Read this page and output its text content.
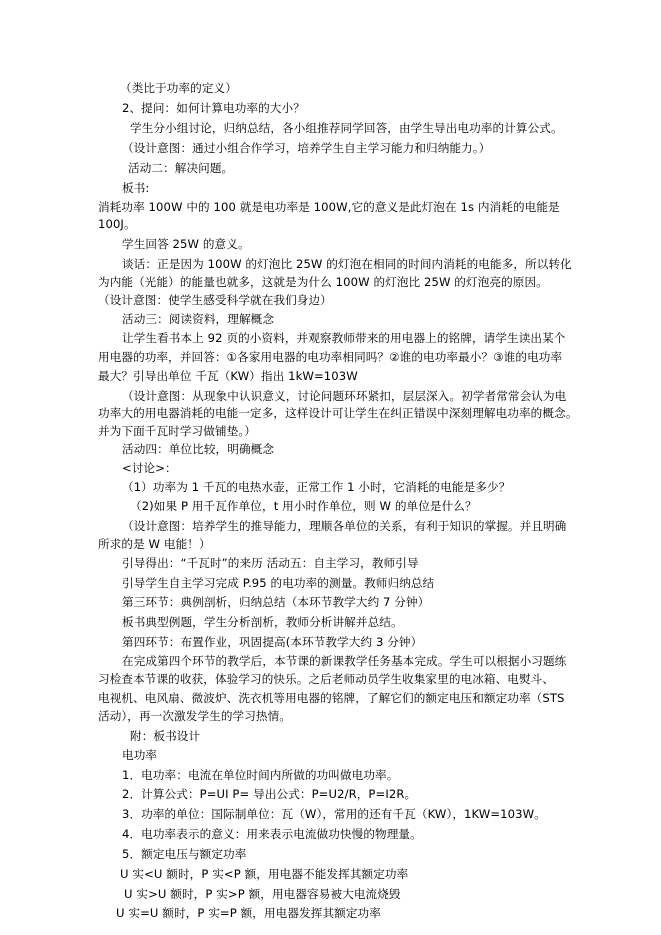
（类比于功率的定义）
2、提问：如何计算电功率的大小？
学生分小组讨论，归纳总结，各小组推荐同学回答，由学生导出电功率的计算公式。
（设计意图：通过小组合作学习，培养学生自主学习能力和归纳能力。）
活动二：解决问题。
板书:
消耗功率 100W 中的 100 就是电功率是 100W,它的意义是此灯泡在 1s 内消耗的电能是
100J。
学生回答 25W 的意义。
谈话：正是因为 100W 的灯泡比 25W 的灯泡在相同的时间内消耗的电能多，所以转化
为内能（光能）的能量也就多，这就是为什么 100W 的灯泡比 25W 的灯泡亮的原因。
（设计意图：使学生感受科学就在我们身边）
活动三：阅读资料，理解概念
让学生看书本上 92 页的小资料，并观察教师带来的用电器上的铭牌，请学生读出某个
用电器的功率，并回答：①各家用电器的电功率相同吗？②谁的电功率最小？③谁的电功率
最大？引导出单位 千瓦（KW）指出 1kW=103W
（设计意图：从现象中认识意义，讨论问题环环紧扣，层层深入。初学者常常会认为电
功率大的用电器消耗的电能一定多，这样设计可让学生在纠正错误中深刻理解电功率的概念。
并为下面千瓦时学习做铺垫。）
活动四：单位比较，明确概念
<讨论>：
（1）功率为 1 千瓦的电热水壶，正常工作 1 小时，它消耗的电能是多少？
（2)如果 P 用千瓦作单位，t 用小时作单位，则 W 的单位是什么？
（设计意图：培养学生的推导能力，理顺各单位的关系，有利于知识的掌握。并且明确
所求的是 W 电能！）
引导得出：“千瓦时”的来历 活动五：自主学习，教师引导
引导学生自主学习完成 P.95 的电功率的测量。教师归纳总结
第三环节：典例剖析，归纳总结（本环节教学大约 7 分钟）
板书典型例题，学生分析剖析，教师分析讲解并总结。
第四环节：布置作业，巩固提高(本环节教学大约 3 分钟）
在完成第四个环节的教学后，本节课的新课教学任务基本完成。学生可以根据小习题练
习检查本节课的收获，体验学习的快乐。之后老师动员学生收集家里的电冰箱、电熨斗、
电视机、电风扇、微波炉、洗衣机等用电器的铭牌，了解它们的额定电压和额定功率（STS
活动），再一次激发学生的学习热情。
附：板书设计
电功率
1．电功率：电流在单位时间内所做的功叫做电功率。
2．计算公式：P=UI P= 导出公式：P=U2/R，P=I2R。
3．功率的单位：国际制单位：瓦（W），常用的还有千瓦（KW），1KW=103W。
4．电功率表示的意义：用来表示电流做功快慢的物理量。
5．额定电压与额定功率
U 实<U 额时，P 实<P 额，用电器不能发挥其额定功率
U 实>U 额时，P 实>P 额，用电器容易被大电流烧毁
U 实=U 额时，P 实=P 额，用电器发挥其额定功率
